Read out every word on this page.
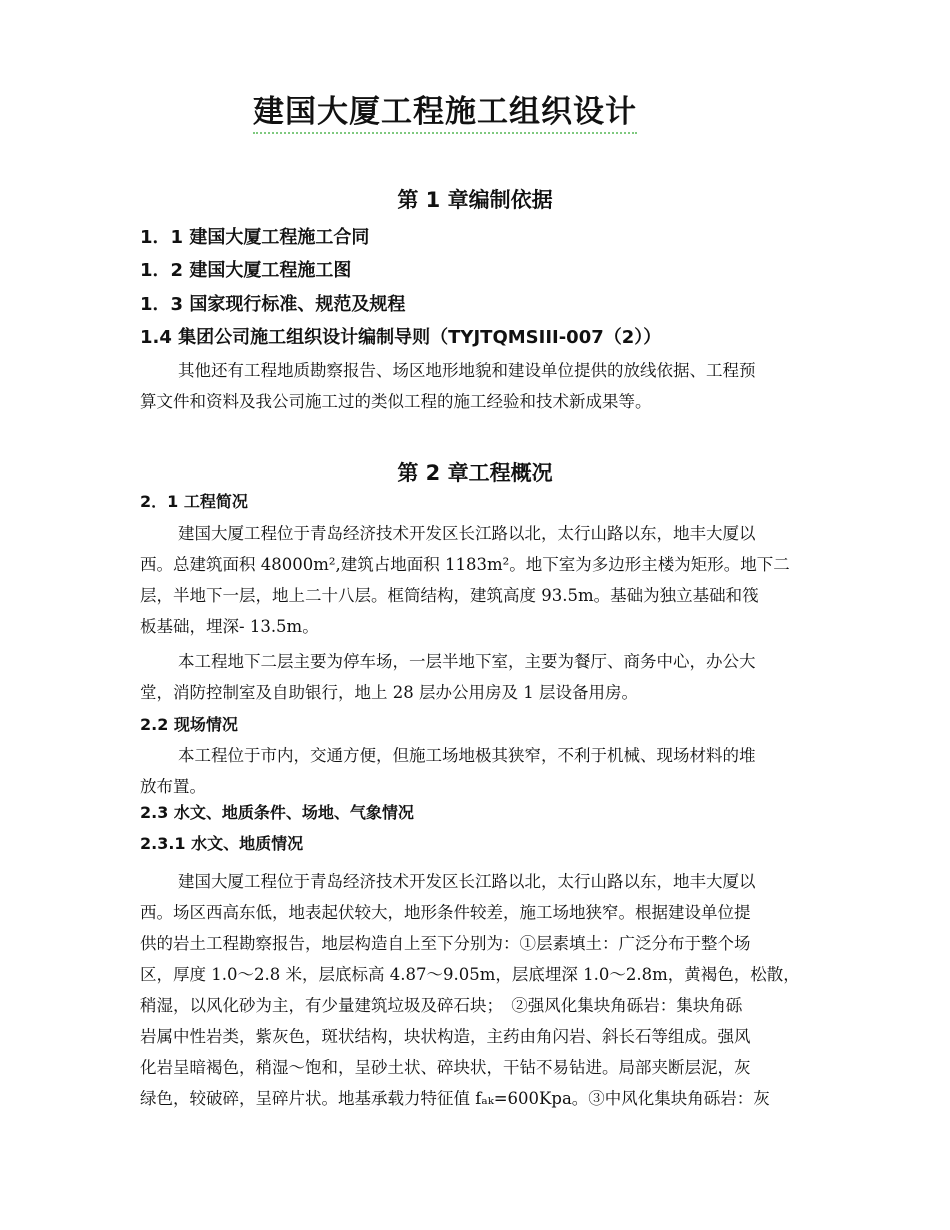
建国大厦工程施工组织设计
第 1 章编制依据
1．1 建国大厦工程施工合同
1．2 建国大厦工程施工图
1．3 国家现行标准、规范及规程
1.4 集团公司施工组织设计编制导则（TYJTQMSIII-007（2））
其他还有工程地质勘察报告、场区地形地貌和建设单位提供的放线依据、工程预
算文件和资料及我公司施工过的类似工程的施工经验和技术新成果等。
第 2 章工程概况
2．1 工程简况
建国大厦工程位于青岛经济技术开发区长江路以北，太行山路以东，地丰大厦以
西。总建筑面积 48000m²,建筑占地面积 1183m²。地下室为多边形主楼为矩形。地下二
层，半地下一层，地上二十八层。框筒结构，建筑高度 93.5m。基础为独立基础和筏
板基础，埋深- 13.5m。
本工程地下二层主要为停车场，一层半地下室，主要为餐厅、商务中心，办公大
堂，消防控制室及自助银行，地上 28 层办公用房及 1 层设备用房。
2.2 现场情况
本工程位于市内，交通方便，但施工场地极其狭窄，不利于机械、现场材料的堆
放布置。
2.3 水文、地质条件、场地、气象情况
2.3.1 水文、地质情况
建国大厦工程位于青岛经济技术开发区长江路以北，太行山路以东，地丰大厦以
西。场区西高东低，地表起伏较大，地形条件较差，施工场地狭窄。根据建设单位提
供的岩土工程勘察报告，地层构造自上至下分别为：①层素填土：广泛分布于整个场
区，厚度 1.0～2.8 米，层底标高 4.87～9.05m，层底埋深 1.0～2.8m，黄褐色，松散，
稍湿，以风化砂为主，有少量建筑垃圾及碎石块；　②强风化集块角砾岩：集块角砾
岩属中性岩类，紫灰色，斑状结构，块状构造，主药由角闪岩、斜长石等组成。强风
化岩呈暗褐色，稍湿～饱和，呈砂土状、碎块状，干钻不易钻进。局部夹断层泥，灰
绿色，较破碎，呈碎片状。地基承载力特征值 fₐₖ=600Kpa。③中风化集块角砾岩：灰
